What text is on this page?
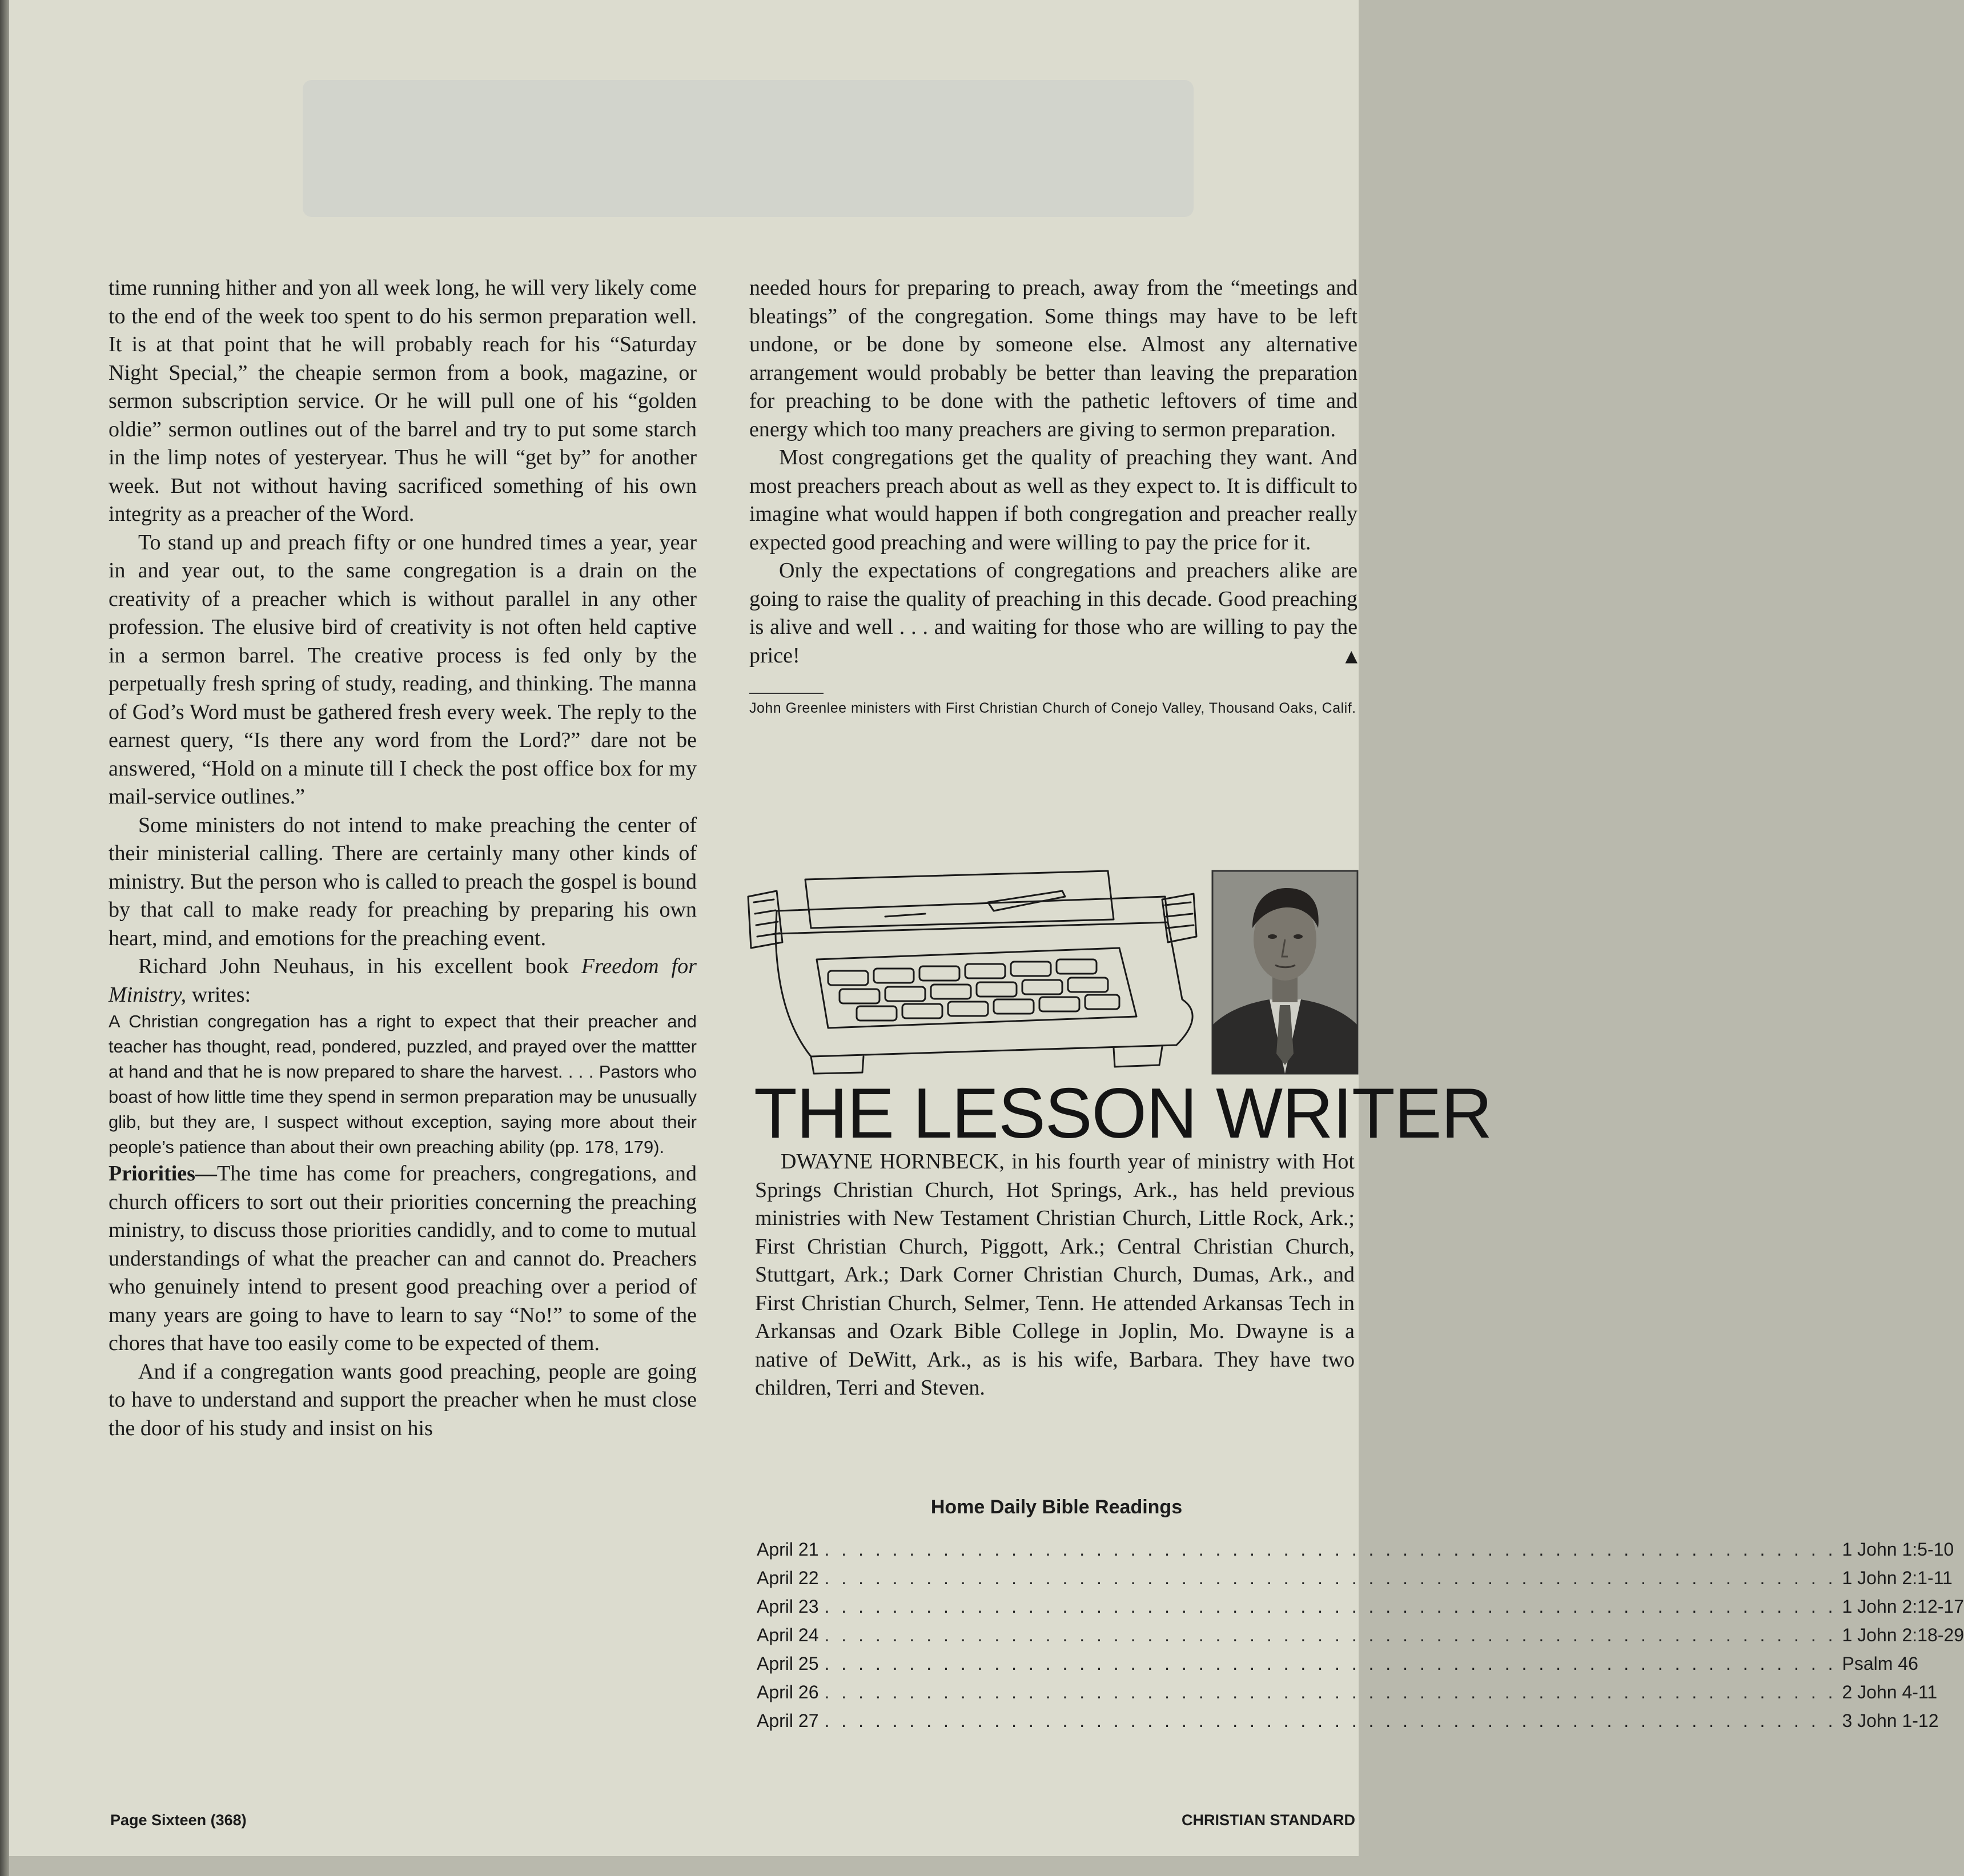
time running hither and yon all week long, he will very likely come to the end of the week too spent to do his sermon preparation well. It is at that point that he will probably reach for his “Saturday Night Special,” the cheapie sermon from a book, magazine, or sermon subscription service. Or he will pull one of his “golden oldie” sermon outlines out of the barrel and try to put some starch in the limp notes of yesteryear. Thus he will “get by” for another week. But not without having sacrificed something of his own integrity as a preacher of the Word.

To stand up and preach fifty or one hundred times a year, year in and year out, to the same congregation is a drain on the creativity of a preacher which is without parallel in any other profession. The elusive bird of creativity is not often held captive in a sermon barrel. The creative process is fed only by the perpetually fresh spring of study, reading, and thinking. The manna of God’s Word must be gathered fresh every week. The reply to the earnest query, “Is there any word from the Lord?” dare not be answered, “Hold on a minute till I check the post office box for my mail-service outlines.”

Some ministers do not intend to make preaching the center of their ministerial calling. There are certainly many other kinds of ministry. But the person who is called to preach the gospel is bound by that call to make ready for preaching by preparing his own heart, mind, and emotions for the preaching event.

Richard John Neuhaus, in his excellent book Freedom for Ministry, writes:

A Christian congregation has a right to expect that their preacher and teacher has thought, read, pondered, puzzled, and prayed over the mattter at hand and that he is now prepared to share the harvest. . . . Pastors who boast of how little time they spend in sermon preparation may be unusually glib, but they are, I suspect without exception, saying more about their people’s patience than about their own preaching ability (pp. 178, 179).

Priorities—The time has come for preachers, congregations, and church officers to sort out their priorities concerning the preaching ministry, to discuss those priorities candidly, and to come to mutual understandings of what the preacher can and cannot do. Preachers who genuinely intend to present good preaching over a period of many years are going to have to learn to say “No!” to some of the chores that have too easily come to be expected of them.

And if a congregation wants good preaching, people are going to have to understand and support the preacher when he must close the door of his study and insist on his

needed hours for preparing to preach, away from the “meetings and bleatings” of the congregation. Some things may have to be left undone, or be done by someone else. Almost any alternative arrangement would probably be better than leaving the preparation for preaching to be done with the pathetic leftovers of time and energy which too many preachers are giving to sermon preparation.

Most congregations get the quality of preaching they want. And most preachers preach about as well as they expect to. It is difficult to imagine what would happen if both congregation and preacher really expected good preaching and were willing to pay the price for it.

Only the expectations of congregations and preachers alike are going to raise the quality of preaching in this decade. Good preaching is alive and well . . . and waiting for those who are willing to pay the price!	▲

John Greenlee ministers with First Christian Church of Conejo Valley, Thousand Oaks, Calif.
THE LESSON WRITER

DWAYNE HORNBECK, in his fourth year of ministry with Hot Springs Christian Church, Hot Springs, Ark., has held previous ministries with New Testament Christian Church, Little Rock, Ark.; First Christian Church, Piggott, Ark.; Central Christian Church, Stuttgart, Ark.; Dark Corner Christian Church, Dumas, Ark., and First Christian Church, Selmer, Tenn. He attended Arkansas Tech in Arkansas and Ozark Bible College in Joplin, Mo. Dwayne is a native of DeWitt, Ark., as is his wife, Barbara. They have two children, Terri and Steven.

Home Daily Bible Readings
April 21 . . . . . . . . . . . . . . . . . . . . . . . . . . . . . . . . . . . . . . . . . . . . . . . . . . . . . . . . . . . . 1 John 1:5-10
April 22 . . . . . . . . . . . . . . . . . . . . . . . . . . . . . . . . . . . . . . . . . . . . . . . . . . . . . . . . . . . . 1 John 2:1-11
April 23 . . . . . . . . . . . . . . . . . . . . . . . . . . . . . . . . . . . . . . . . . . . . . . . . . . . . . . . . . . . . 1 John 2:12-17
April 24 . . . . . . . . . . . . . . . . . . . . . . . . . . . . . . . . . . . . . . . . . . . . . . . . . . . . . . . . . . . . 1 John 2:18-29
April 25 . . . . . . . . . . . . . . . . . . . . . . . . . . . . . . . . . . . . . . . . . . . . . . . . . . . . . . . . . . . . Psalm 46
April 26 . . . . . . . . . . . . . . . . . . . . . . . . . . . . . . . . . . . . . . . . . . . . . . . . . . . . . . . . . . . . 2 John 4-11
April 27 . . . . . . . . . . . . . . . . . . . . . . . . . . . . . . . . . . . . . . . . . . . . . . . . . . . . . . . . . . . . 3 John 1-12
Page Sixteen (368)	CHRISTIAN STANDARD
